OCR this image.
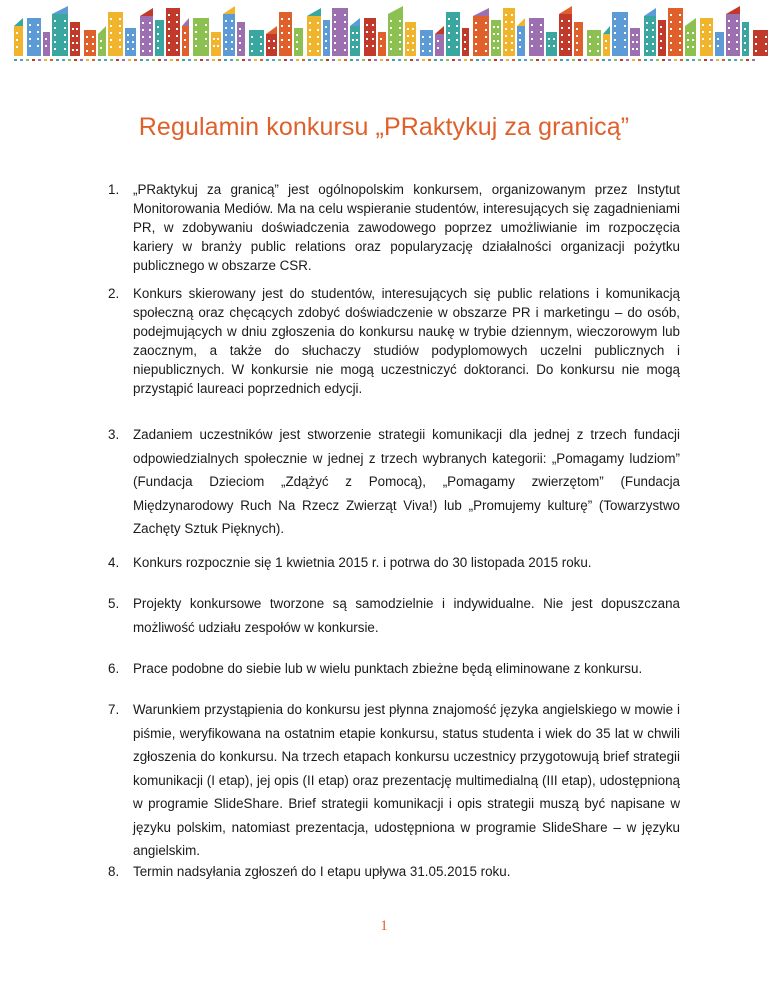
Regulamin konkursu „PRaktykuj za granicą”
1.	„PRaktykuj za granicą” jest ogólnopolskim konkursem, organizowanym przez Instytut Monitorowania Mediów. Ma na celu wspieranie studentów, interesujących się zagadnieniami PR, w zdobywaniu doświadczenia zawodowego poprzez umożliwianie im rozpoczęcia kariery w branży public relations oraz popularyzację działalności organizacji pożytku publicznego w obszarze CSR.
2.	Konkurs skierowany jest do studentów, interesujących się public relations i komunikacją społeczną oraz chęcących zdobyć doświadczenie w obszarze PR i marketingu – do osób, podejmujących w dniu zgłoszenia do konkursu naukę w trybie dziennym, wieczorowym lub zaocznym, a także do słuchaczy studiów podyplomowych uczelni publicznych i niepublicznych. W konkursie nie mogą uczestniczyć doktoranci. Do konkursu nie mogą przystąpić laureaci poprzednich edycji.
3.	Zadaniem uczestników jest stworzenie strategii komunikacji dla jednej z trzech fundacji odpowiedzialnych społecznie w jednej z trzech wybranych kategorii: „Pomagamy ludziom” (Fundacja Dzieciom „Zdążyć z Pomocą), „Pomagamy zwierzętom” (Fundacja Międzynarodowy Ruch Na Rzecz Zwierząt Viva!) lub „Promujemy kulturę” (Towarzystwo Zachęty Sztuk Pięknych).
4.	Konkurs rozpocznie się 1 kwietnia 2015 r. i potrwa do 30 listopada 2015 roku.
5.	Projekty konkursowe tworzone są samodzielnie i indywidualne. Nie jest dopuszczana możliwość udziału zespołów w konkursie.
6.	Prace podobne do siebie lub w wielu punktach zbieżne będą eliminowane z konkursu.
7.	Warunkiem przystąpienia do konkursu jest płynna znajomość języka angielskiego w mowie i piśmie, weryfikowana na ostatnim etapie konkursu, status studenta i wiek do 35 lat w chwili zgłoszenia do konkursu. Na trzech etapach konkursu uczestnicy przygotowują brief strategii komunikacji (I etap), jej opis (II etap) oraz prezentację multimedialną (III etap), udostępnioną w programie SlideShare. Brief strategii komunikacji i opis strategii muszą być napisane w języku polskim, natomiast prezentacja, udostępniona w programie SlideShare – w języku angielskim.
8.	Termin nadsyłania zgłoszeń do I etapu upływa 31.05.2015 roku.
1
